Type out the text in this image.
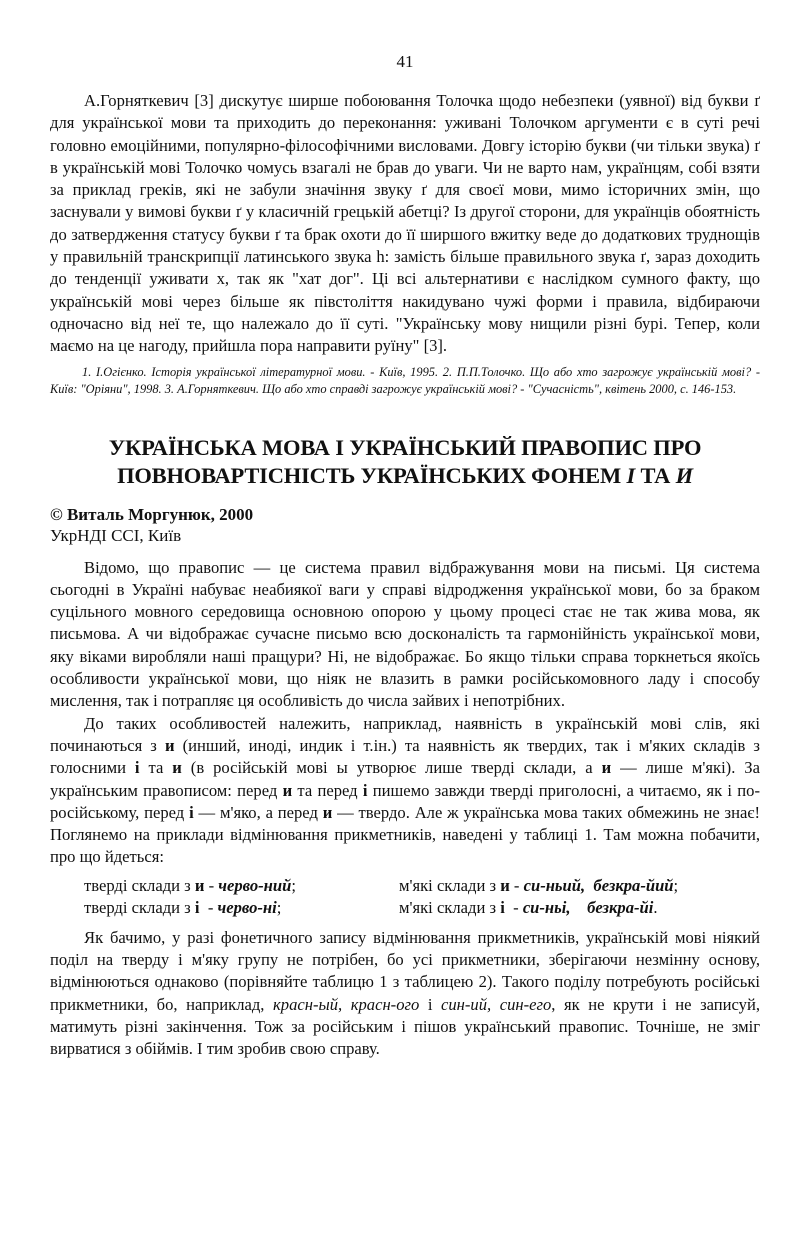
41

А.Горняткевич [3] дискутує ширше побоювання Толочка щодо небезпеки (уявної) від букви ґ для української мови та приходить до переконання: уживані Толочком аргументи є в суті речі головно емоційними, популярно-філософічними висловами. Довгу історію букви (чи тільки звука) ґ в українській мові Толочко чомусь взагалі не брав до уваги. Чи не варто нам, українцям, собі взяти за приклад греків, які не забули значіння звуку ґ для своєї мови, мимо історичних змін, що заснували у вимові букви ґ у класичній грецькій абетці? Із другої сторони, для українців обоятність до затвердження статусу букви ґ та брак охоти до її ширшого вжитку веде до додаткових труднощів у правильній транскрипції латинського звука h: замість більше правильного звука ґ, зараз доходить до тенденції уживати х, так як "хат дог". Ці всі альтернативи є наслідком сумного факту, що українській мові через більше як півстоліття накидувано чужі форми і правила, відбираючи одночасно від неї те, що належало до її суті. "Українську мову нищили різні бурі. Тепер, коли маємо на це нагоду, прийшла пора направити руїну" [3].

1. І.Огієнко. Історія української літературної мови. - Київ, 1995. 2. П.П.Толочко. Що або хто загрожує українській мові? - Київ: "Оріяни", 1998. 3. А.Горняткевич. Що або хто справді загрожує українській мові? - "Сучасність", квітень 2000, с. 146-153.
УКРАЇНСЬКА МОВА І УКРАЇНСЬКИЙ ПРАВОПИС ПРО
ПОВНОВАРТІСНІСТЬ УКРАЇНСЬКИХ ФОНЕМ І ТА И
© Виталь Моргунюк, 2000
УкрНДІ ССІ, Київ

Відомо, що правопис — це система правил відбражування мови на письмі. Ця система сьогодні в Україні набуває неабиякої ваги у справі відродження української мови, бо за браком суцільного мовного середовища основною опорою у цьому процесі стає не так жива мова, як письмова. А чи відображає сучасне письмо всю досконалість та гармонійність української мови, яку віками виробляли наші пращури? Ні, не відображає. Бо якщо тільки справа торкнеться якоїсь особливости української мови, що ніяк не влазить в рамки російськомовного ладу і способу мислення, так і потрапляє ця особливість до числа зайвих і непотрібних.

До таких особливостей належить, наприклад, наявність в українській мові слів, які починаються з и (инший, иноді, индик і т.ін.) та наявність як твердих, так і м'яких складів з голосними і та и (в російській мові ы утворює лише тверді склади, а и — лише м'які). За українським правописом: перед и та перед і пишемо завжди тверді приголосні, а читаємо, як і по-російському, перед і — м'яко, а перед и — твердо. Але ж українська мова таких обмежинь не знає! Поглянемо на приклади відмінювання прикметників, наведені у таблиці 1. Там можна побачити, про що йдеться:

тверді склади з и - черво-ний;	м'які склади з и - си-ньий,  безкра-йий;
тверді склади з і  - черво-ні;	м'які склади з і  - си-ньі,    безкра-йі.

Як бачимо, у разі фонетичного запису відмінювання прикметників, українській мові ніякий поділ на тверду і м'яку групу не потрібен, бо усі прикметники, зберігаючи незмінну основу, відмінюються однаково (порівняйте таблицю 1 з таблицею 2). Такого поділу потребують російські прикметники, бо, наприклад, красн-ый, красн-ого і син-ий, син-его, як не крути і не записуй, матимуть різні закінчення. Тож за російським і пішов український правопис. Точніше, не зміг вирватися з обіймів. І тим зробив свою справу.
